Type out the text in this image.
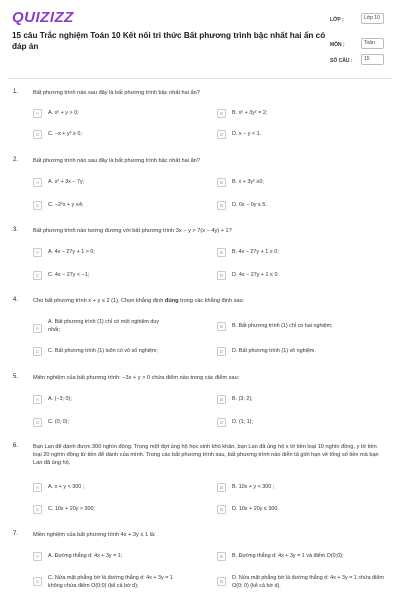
QUIZIZZ
15 câu Trắc nghiệm Toán 10 Kết nối tri thức Bất phương trình bậc nhất hai ẩn có đáp án
LỚP :	Lớp 10
MÔN :	Toán
SỐ CÂU :	15
1.	Bất phương trình nào sau đây là bất phương trình bậc nhất hai ẩn?
A	A. x² + y > 0;	B	B. x² + 3y² = 2;
C	C. −x + y³ ≥ 0;	D	D. x − y < 1.
2.	Bất phương trình nào sau đây là bất phương trình bậc nhất hai ẩn?
A	A. x² + 3x − 7y;	B	B. x + 3y² ≥0;
C	C. −2²x + y ≤4;	D	D. 0x − 0y ≤ 5.
3.	Bất phương trình nào tương đương với bất phương trình 3x − y > 7(x − 4y) + 1?
A	A. 4x − 27y + 1 > 0;	B	B. 4x − 27y + 1 ≥ 0;
C	C. 4x − 27y < −1;	D	D. 4x − 27y + 1 ≤ 0.
4.	Cho bất phương trình x + y ≤ 2 (1). Chọn khẳng định đúng trong các khẳng định sau:
A
A. Bất phương trình (1) chỉ có một nghiệm duy nhất;	B	B. Bất phương trình (1) chỉ có hai nghiệm;
C	C. Bất phương trình (1) luôn có vô số nghiệm;	D	D. Bất phương trình (1) vô nghiệm.
5.	Miền nghiệm của bất phương trình: −3x + y > 0 chứa điểm nào trong các điểm sau:
A	A. (−3; 0);	B	B. (3; 2);
C	C. (0; 0);	D	D. (1; 1);
6.	Bạn Lan để dành được 300 nghìn đồng. Trong một đợt ủng hộ học sinh khó khăn, bạn Lan đã ủng hộ x tờ tiền loại 10 nghìn đồng, y tờ tiền loại 20 nghìn đồng từ tiền để dành của mình. Trong các bất phương trình sau, bất phương trình nào diễn tả giới hạn về tổng số tiền mà bạn Lan đã ủng hộ.
A	A. x + y < 300 ;	B	B. 10x + y < 300 ;
C	C. 10x + 20y > 300;	D	D. 10x + 20y ≤ 300.
7.	Miền nghiệm của bất phương trình 4x + 3y ≤ 1 là:
A	A. Đường thẳng d: 4x + 3y = 1;	B	B. Đường thẳng d: 4x + 3y = 1 và điểm O(0;0);
C
C. Nửa mặt phẳng bờ là đường thẳng d: 4x + 3y = 1 không chứa điểm O(0;0) (kể cả bờ d);
D
D. Nửa mặt phẳng bờ là đường thẳng d: 4x + 3y = 1 chứa điểm O(0; 0) (kể cả bờ d).
